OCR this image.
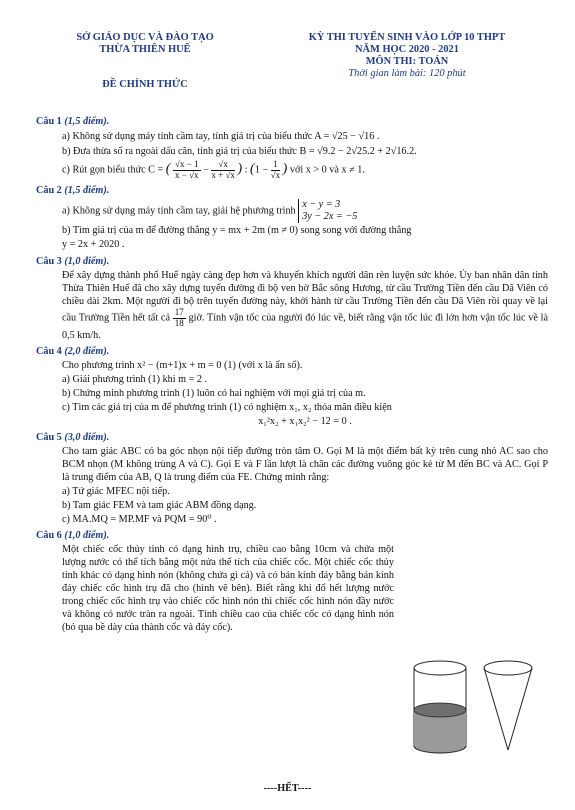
SỞ GIÁO DỤC VÀ ĐÀO TẠO
THỪA THIÊN HUẾ
ĐỀ CHÍNH THỨC
KỲ THI TUYỂN SINH VÀO LỚP 10 THPT
NĂM HỌC 2020 - 2021
MÔN THI: TOÁN
Thời gian làm bài: 120 phút
Câu 1 (1,5 điểm).
a) Không sử dụng máy tính cầm tay, tính giá trị của biểu thức A = √25 − √16 .
b) Đưa thừa số ra ngoài dấu căn, tính giá trị của biểu thức B = √9.2 − 2√25.2 + 2√16.2.
c) Rút gọn biểu thức C = ( $\frac{√x - 1}{x - √x} - \frac{√x}{x + √x}$ ) : ($1 - \frac{1}{√x}$ ) với x > 0 và x ≠ 1.
Câu 2 (1,5 điểm).
a) Không sử dụng máy tính cầm tay, giải hệ phương trình
x − y = 3
3y − 2x = −5
b) Tìm giá trị của m để đường thẳng y = mx + 2m (m ≠ 0) song song với đường thẳng
y = 2x + 2020 .
Câu 3 (1,0 điểm).
Để xây dựng thành phố Huế ngày càng đẹp hơn và khuyến khích người dân rèn luyện sức khỏe. Ủy ban nhân dân tỉnh Thừa Thiên Huế đã cho xây dựng tuyến đường đi bộ ven bờ Bắc sông Hương, từ cầu Trường Tiền đến cầu Dã Viên có chiều dài 2km. Một người đi bộ trên tuyến đường này, khởi hành từ cầu Trường Tiền đến cầu Dã Viên rồi quay về lại cầu Trường Tiền hết tất cả $\frac{17}{18}$ giờ. Tính vận tốc của người đó lúc về, biết rằng vận tốc lúc đi lớn hơn vận tốc lúc về là 0,5 km/h.
Câu 4 (2,0 điểm).
Cho phương trình x² − (m+1)x + m = 0 (1) (với x là ẩn số).
a) Giải phương trình (1) khi m = 2 .
b) Chứng minh phương trình (1) luôn có hai nghiệm với mọi giá trị của m.
c) Tìm các giá trị của m để phương trình (1) có nghiệm x₁, x₂ thỏa mãn điều kiện
x₁²x₂ + x₁x₂² − 12 = 0 .
Câu 5 (3,0 điểm).
Cho tam giác ABC có ba góc nhọn nội tiếp đường tròn tâm O. Gọi M là một điểm bất kỳ trên cung nhỏ AC sao cho BCM nhọn (M không trùng A và C). Gọi E và F lần lượt là chân các đường vuông góc kẻ từ M đến BC và AC. Gọi P là trung điểm của AB, Q là trung điểm của FE. Chứng minh rằng:
a) Tứ giác MFEC nội tiếp.
b) Tam giác FEM và tam giác ABM đồng dạng.
c) MA.MQ = MP.MF và PQM = 90⁰ .
Câu 6 (1,0 điểm).
Một chiếc cốc thủy tinh có dạng hình trụ, chiều cao bằng 10cm và chứa một lượng nước có thể tích bằng một nửa thể tích của chiếc cốc. Một chiếc cốc thủy tinh khác có dạng hình nón (không chứa gì cả) và có bán kính đáy bằng bán kính đáy chiếc cốc hình trụ đã cho (hình vẽ bên). Biết rằng khi đổ hết lượng nước trong chiếc cốc hình trụ vào chiếc cốc hình nón thì chiếc cốc hình nón đầy nước và không có nước tràn ra ngoài. Tính chiều cao của chiếc cốc có dạng hình nón (bỏ qua bề dày của thành cốc và đáy cốc).
----HẾT----
